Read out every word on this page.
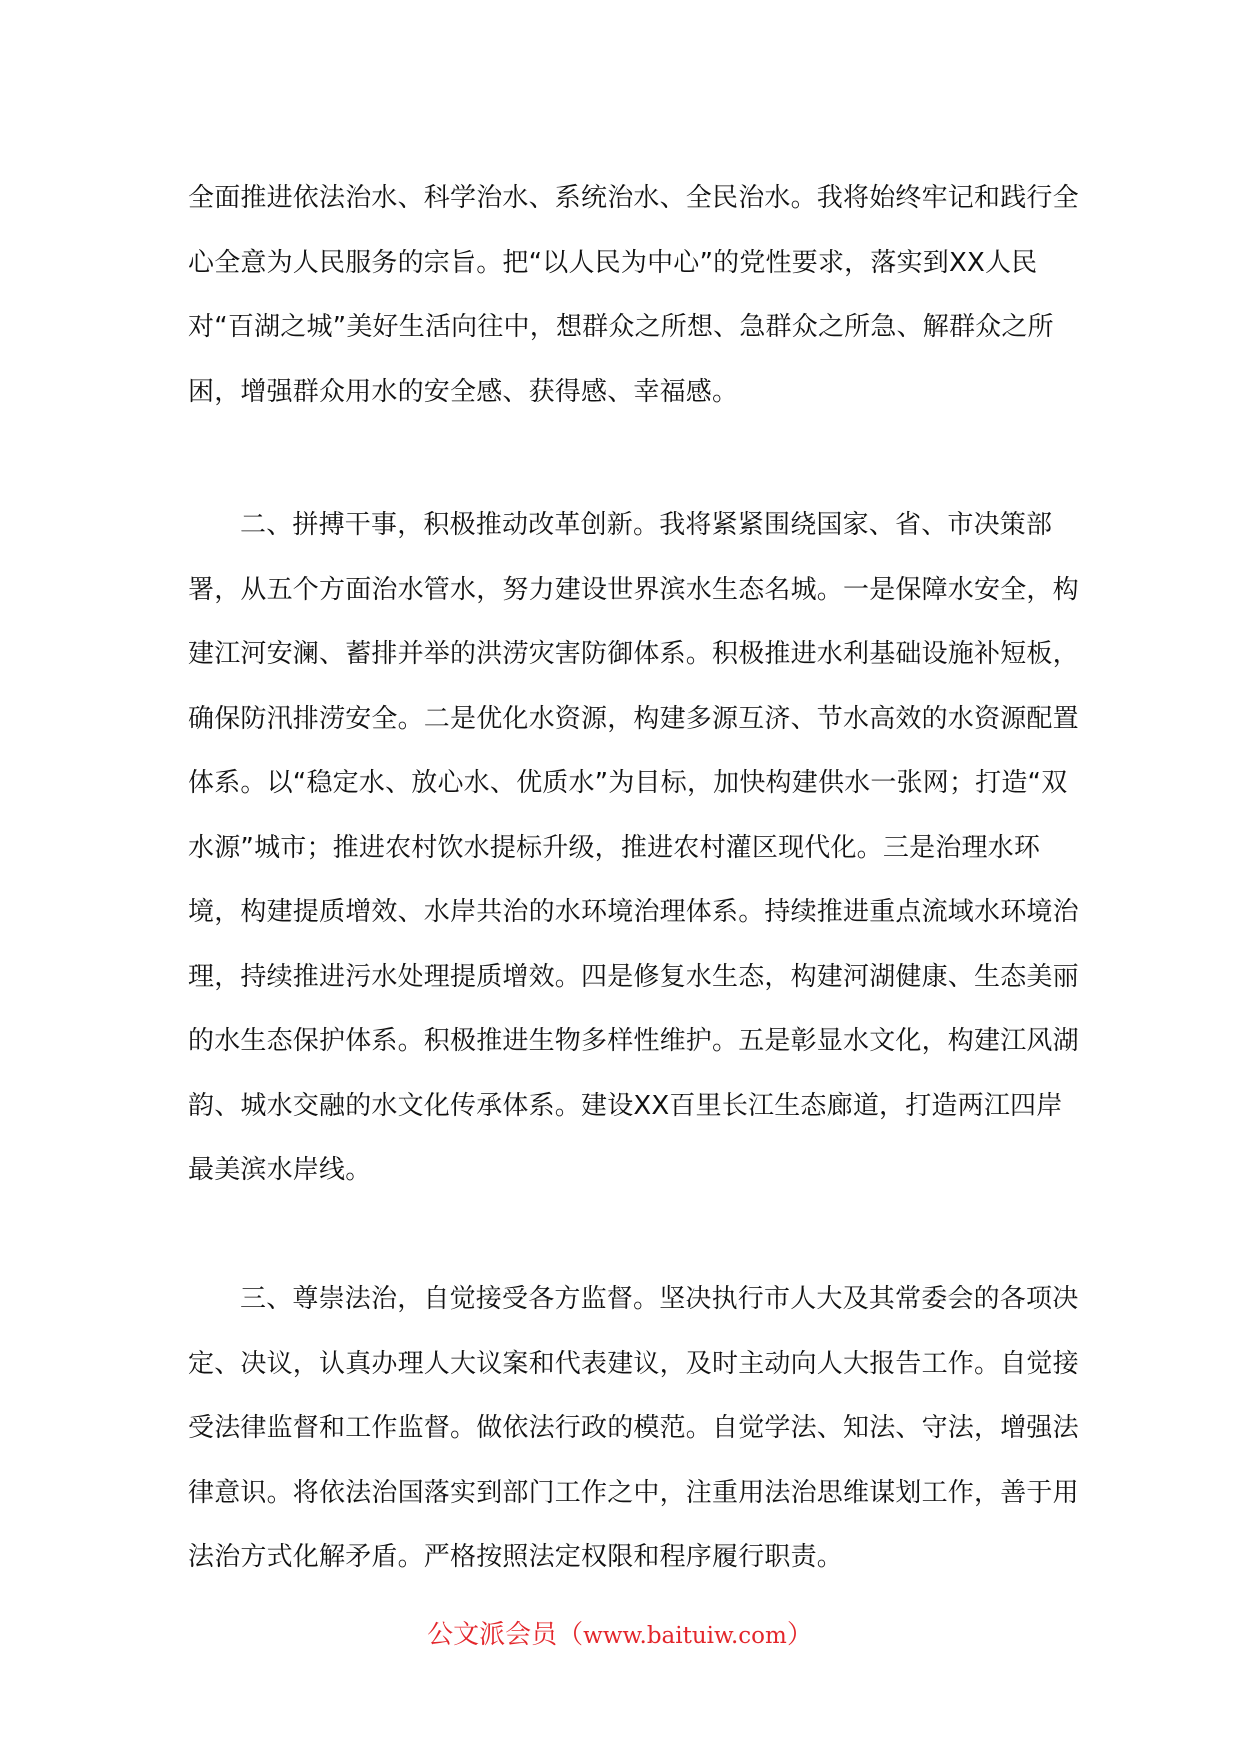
全面推进依法治水、科学治水、系统治水、全民治水。我将始终牢记和践行全心全意为人民服务的宗旨。把“以人民为中心”的党性要求，落实到XX人民对“百湖之城”美好生活向往中，想群众之所想、急群众之所急、解群众之所困，增强群众用水的安全感、获得感、幸福感。

二、拼搏干事，积极推动改革创新。我将紧紧围绕国家、省、市决策部署，从五个方面治水管水，努力建设世界滨水生态名城。一是保障水安全，构建江河安澜、蓄排并举的洪涝灾害防御体系。积极推进水利基础设施补短板，确保防汛排涝安全。二是优化水资源，构建多源互济、节水高效的水资源配置体系。以“稳定水、放心水、优质水”为目标，加快构建供水一张网；打造“双水源”城市；推进农村饮水提标升级，推进农村灌区现代化。三是治理水环境，构建提质增效、水岸共治的水环境治理体系。持续推进重点流域水环境治理，持续推进污水处理提质增效。四是修复水生态，构建河湖健康、生态美丽的水生态保护体系。积极推进生物多样性维护。五是彰显水文化，构建江风湖韵、城水交融的水文化传承体系。建设XX百里长江生态廊道，打造两江四岸最美滨水岸线。

三、尊崇法治，自觉接受各方监督。坚决执行市人大及其常委会的各项决定、决议，认真办理人大议案和代表建议，及时主动向人大报告工作。自觉接受法律监督和工作监督。做依法行政的模范。自觉学法、知法、守法，增强法律意识。将依法治国落实到部门工作之中，注重用法治思维谋划工作，善于用法治方式化解矛盾。严格按照法定权限和程序履行职责。

公文派会员（www.baituiw.com）
